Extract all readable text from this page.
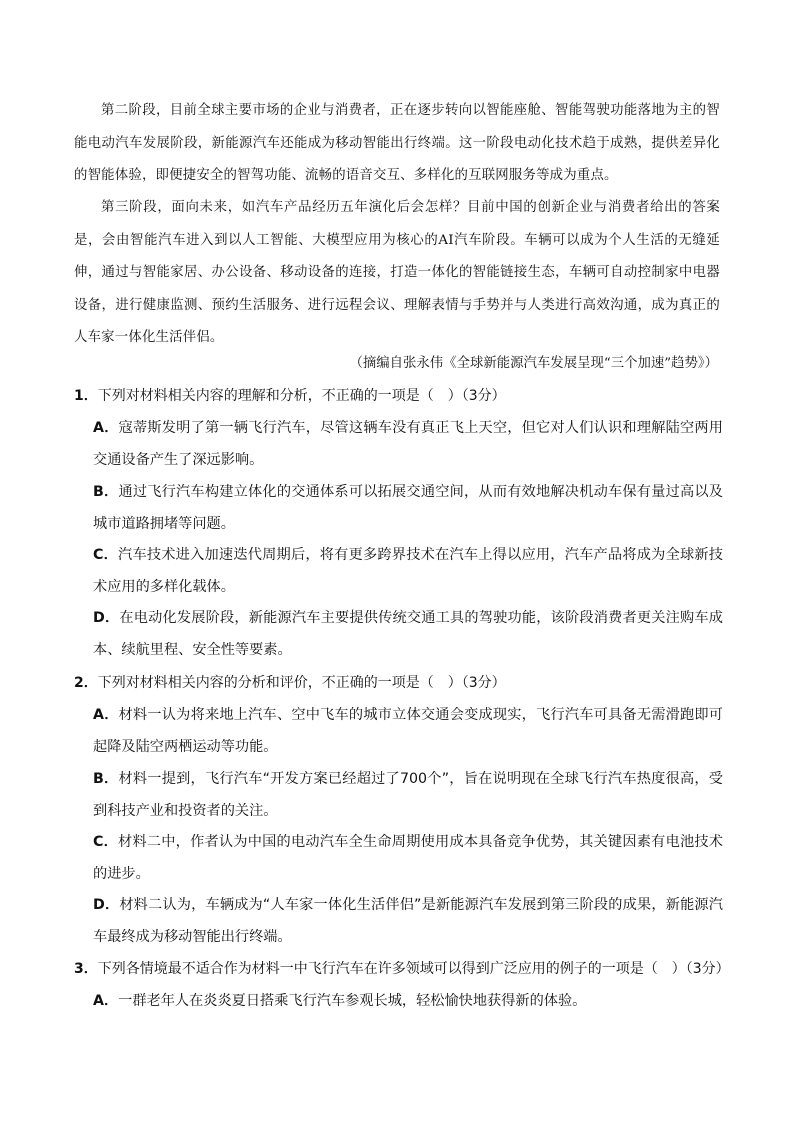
第二阶段，目前全球主要市场的企业与消费者，正在逐步转向以智能座舱、智能驾驶功能落地为主的智能电动汽车发展阶段，新能源汽车还能成为移动智能出行终端。这一阶段电动化技术趋于成熟，提供差异化的智能体验，即便捷安全的智驾功能、流畅的语音交互、多样化的互联网服务等成为重点。

第三阶段，面向未来，如汽车产品经历五年演化后会怎样？目前中国的创新企业与消费者给出的答案是，会由智能汽车进入到以人工智能、大模型应用为核心的AI汽车阶段。车辆可以成为个人生活的无缝延伸，通过与智能家居、办公设备、移动设备的连接，打造一体化的智能链接生态，车辆可自动控制家中电器设备，进行健康监测、预约生活服务、进行远程会议、理解表情与手势并与人类进行高效沟通，成为真正的人车家一体化生活伴侣。

（摘编自张永伟《全球新能源汽车发展呈现“三个加速”趋势》）
1．下列对材料相关内容的理解和分析，不正确的一项是（　）（3分）

A．寇蒂斯发明了第一辆飞行汽车，尽管这辆车没有真正飞上天空，但它对人们认识和理解陆空两用交通设备产生了深远影响。

B．通过飞行汽车构建立体化的交通体系可以拓展交通空间，从而有效地解决机动车保有量过高以及城市道路拥堵等问题。

C．汽车技术进入加速迭代周期后，将有更多跨界技术在汽车上得以应用，汽车产品将成为全球新技术应用的多样化载体。

D．在电动化发展阶段，新能源汽车主要提供传统交通工具的驾驶功能，该阶段消费者更关注购车成本、续航里程、安全性等要素。

2．下列对材料相关内容的分析和评价，不正确的一项是（　）（3分）

A．材料一认为将来地上汽车、空中飞车的城市立体交通会变成现实，飞行汽车可具备无需滑跑即可起降及陆空两栖运动等功能。

B．材料一提到，飞行汽车“开发方案已经超过了700个”，旨在说明现在全球飞行汽车热度很高，受到科技产业和投资者的关注。

C．材料二中，作者认为中国的电动汽车全生命周期使用成本具备竞争优势，其关键因素有电池技术的进步。

D．材料二认为，车辆成为“人车家一体化生活伴侣”是新能源汽车发展到第三阶段的成果，新能源汽车最终成为移动智能出行终端。

3．下列各情境最不适合作为材料一中飞行汽车在许多领域可以得到广泛应用的例子的一项是（　）（3分）

A．一群老年人在炎炎夏日搭乘飞行汽车参观长城，轻松愉快地获得新的体验。
